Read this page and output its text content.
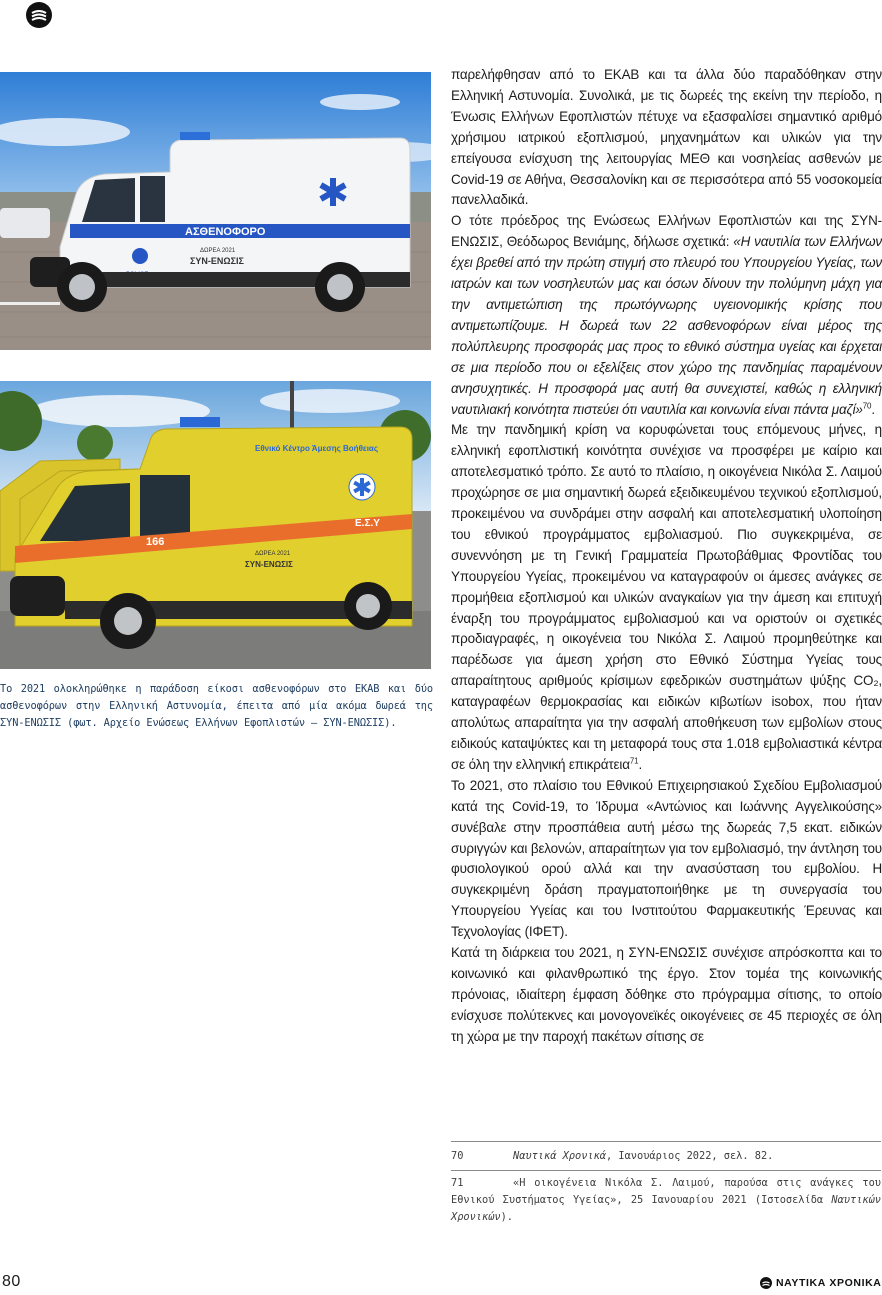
ΑΣΘΕΝΟΦΟΡΟ
ΔΩΡΕΑ 2021
ΣΥΝ-ΕΝΩΣΙΣ
Εθνικό Κέντρο Άμεσης Βοήθειας
166
Ε.Σ.Υ
ΔΩΡΕΑ 2021
ΣΥΝ-ΕΝΩΣΙΣ
Το 2021 ολοκληρώθηκε η παράδοση είκοσι ασθενοφόρων στο ΕΚΑΒ και δύο ασθενοφόρων στην Ελληνική Αστυνομία, έπειτα από μία ακόμα δωρεά της ΣΥΝ-ΕΝΩΣΙΣ (φωτ. Αρχείο Ενώσεως Ελλήνων Εφοπλιστών – ΣΥΝ-ΕΝΩΣΙΣ).

παρελήφθησαν από το ΕΚΑΒ και τα άλλα δύο παραδόθηκαν στην Ελληνική Αστυνομία. Συνολικά, με τις δωρεές της εκείνη την περίοδο, η Ένωσις Ελλήνων Εφοπλιστών πέτυχε να εξασφαλίσει σημαντικό αριθμό χρήσιμου ιατρικού εξοπλισμού, μηχανημάτων και υλικών για την επείγουσα ενίσχυση της λειτουργίας ΜΕΘ και νοσηλείας ασθενών με Covid-19 σε Αθήνα, Θεσσαλονίκη και σε περισσότερα από 55 νοσοκομεία πανελλαδικά.

Ο τότε πρόεδρος της Ενώσεως Ελλήνων Εφοπλιστών και της ΣΥΝ-ΕΝΩΣΙΣ, Θεόδωρος Βενιάμης, δήλωσε σχετικά: «Η ναυτιλία των Ελλήνων έχει βρεθεί από την πρώτη στιγμή στο πλευρό του Υπουργείου Υγείας, των ιατρών και των νοσηλευτών μας και όσων δίνουν την πολύμηνη μάχη για την αντιμετώπιση της πρωτόγνωρης υγειονομικής κρίσης που αντιμετωπίζουμε. Η δωρεά των 22 ασθενοφόρων είναι μέρος της πολύπλευρης προσφοράς μας προς το εθνικό σύστημα υγείας και έρχεται σε μια περίοδο που οι εξελίξεις στον χώρο της πανδημίας παραμένουν ανησυχητικές. Η προσφορά μας αυτή θα συνεχιστεί, καθώς η ελληνική ναυτιλιακή κοινότητα πιστεύει ότι ναυτιλία και κοινωνία είναι πάντα μαζί»$^{70}$.

Με την πανδημική κρίση να κορυφώνεται τους επόμενους μήνες, η ελληνική εφοπλιστική κοινότητα συνέχισε να προσφέρει με καίριο και αποτελεσματικό τρόπο. Σε αυτό το πλαίσιο, η οικογένεια Νικόλα Σ. Λαιμού προχώρησε σε μια σημαντική δωρεά εξειδικευμένου τεχνικού εξοπλισμού, προκειμένου να συνδράμει στην ασφαλή και αποτελεσματική υλοποίηση του εθνικού προγράμματος εμβολιασμού. Πιο συγκεκριμένα, σε συνεννόηση με τη Γενική Γραμματεία Πρωτοβάθμιας Φροντίδας του Υπουργείου Υγείας, προκειμένου να καταγραφούν οι άμεσες ανάγκες σε προμήθεια εξοπλισμού και υλικών αναγκαίων για την άμεση και επιτυχή έναρξη του προγράμματος εμβολιασμού και να οριστούν οι σχετικές προδιαγραφές, η οικογένεια του Νικόλα Σ. Λαιμού προμηθεύτηκε και παρέδωσε για άμεση χρήση στο Εθνικό Σύστημα Υγείας τους απαραίτητους αριθμούς κρίσιμων εφεδρικών συστημάτων ψύξης CO₂, καταγραφέων θερμοκρασίας και ειδικών κιβωτίων isobox, που ήταν απολύτως απαραίτητα για την ασφαλή αποθήκευση των εμβολίων στους ειδικούς καταψύκτες και τη μεταφορά τους στα 1.018 εμβολιαστικά κέντρα σε όλη την ελληνική επικράτεια$^{71}$.

Το 2021, στο πλαίσιο του Εθνικού Επιχειρησιακού Σχεδίου Εμβολιασμού κατά της Covid-19, το Ίδρυμα «Αντώνιος και Ιωάννης Αγγελικούσης» συνέβαλε στην προσπάθεια αυτή μέσω της δωρεάς 7,5 εκατ. ειδικών συριγγών και βελονών, απαραίτητων για τον εμβολιασμό, την άντληση του φυσιολογικού ορού αλλά και την ανασύσταση του εμβολίου. Η συγκεκριμένη δράση πραγματοποιήθηκε με τη συνεργασία του Υπουργείου Υγείας και του Ινστιτούτου Φαρμακευτικής Έρευνας και Τεχνολογίας (ΙΦΕΤ).

Κατά τη διάρκεια του 2021, η ΣΥΝ-ΕΝΩΣΙΣ συνέχισε απρόσκοπτα και το κοινωνικό και φιλανθρωπικό της έργο. Στον τομέα της κοινωνικής πρόνοιας, ιδιαίτερη έμφαση δόθηκε στο πρόγραμμα σίτισης, το οποίο ενίσχυσε πολύτεκνες και μονογονεϊκές οικογένειες σε 45 περιοχές σε όλη τη χώρα με την παροχή πακέτων σίτισης σε

70	Ναυτικά Χρονικά, Ιανουάριος 2022, σελ. 82.
71	«Η οικογένεια Νικόλα Σ. Λαιμού, παρούσα στις ανάγκες του Εθνικού Συστήματος Υγείας», 25 Ιανουαρίου 2021 (Ιστοσελίδα Ναυτικών Χρονικών).
80	ΝΑΥΤΙΚΑ ΧΡΟΝΙΚΑ
